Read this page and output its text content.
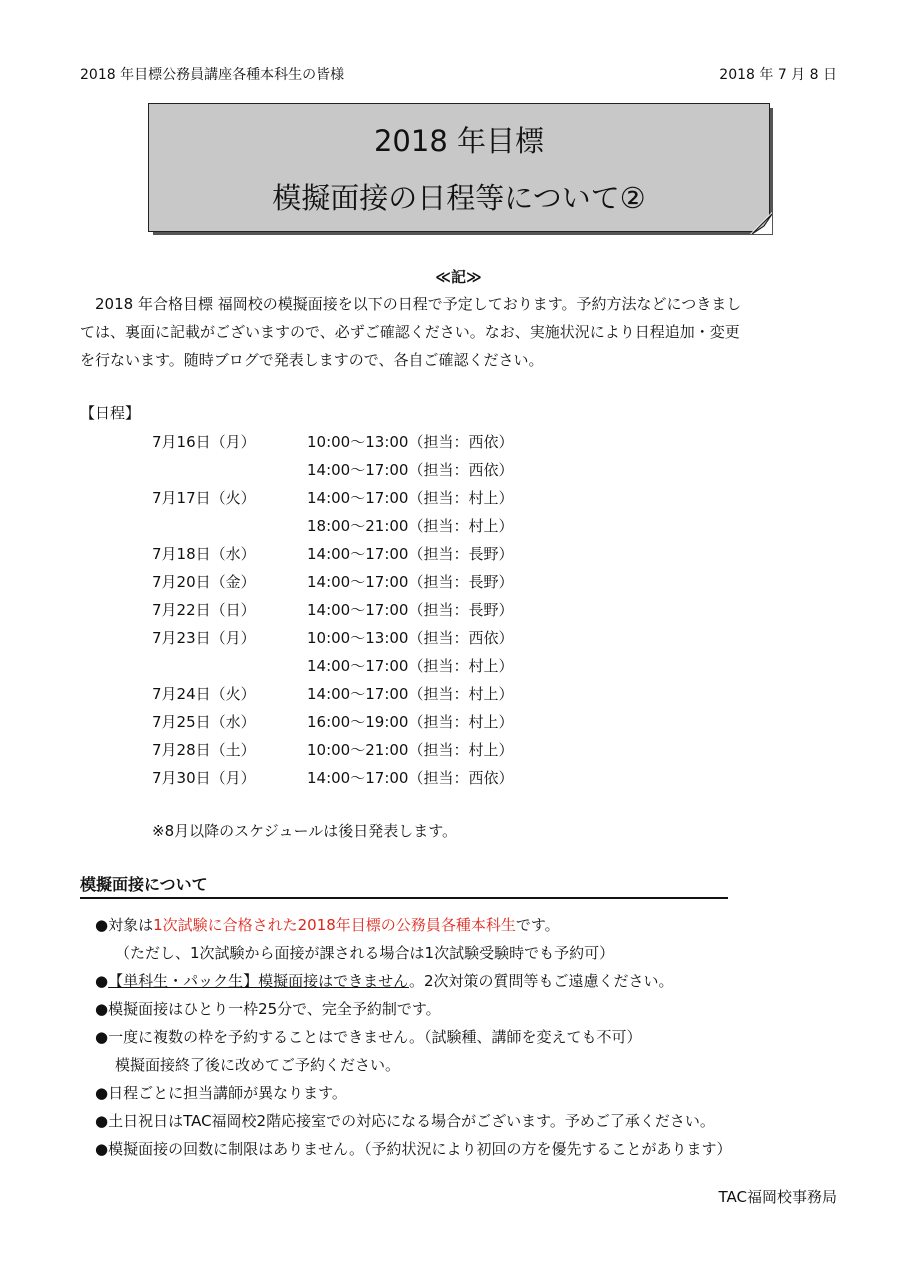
2018 年目標公務員講座各種本科生の皆様	2018 年 7 月 8 日
2018 年目標
模擬面接の日程等について②
≪記≫

　2018 年合格目標 福岡校の模擬面接を以下の日程で予定しております。予約方法などにつきまし

ては、裏面に記載がございますので、必ずご確認ください。なお、実施状況により日程追加・変更

を行ないます。随時ブログで発表しますので、各自ご確認ください。

【日程】
7月16日（月）	10:00～13:00（担当：西依）
14:00～17:00（担当：西依）
7月17日（火）	14:00～17:00（担当：村上）
18:00～21:00（担当：村上）
7月18日（水）	14:00～17:00（担当：長野）
7月20日（金）	14:00～17:00（担当：長野）
7月22日（日）	14:00～17:00（担当：長野）
7月23日（月）	10:00～13:00（担当：西依）
14:00～17:00（担当：村上）
7月24日（火）	14:00～17:00（担当：村上）
7月25日（水）	16:00～19:00（担当：村上）
7月28日（土）	10:00～21:00（担当：村上）
7月30日（月）	14:00～17:00（担当：西依）
※8月以降のスケジュールは後日発表します。
模擬面接について
●対象は1次試験に合格された2018年目標の公務員各種本科生です。
（ただし、1次試験から面接が課される場合は1次試験受験時でも予約可）
●【単科生・パック生】模擬面接はできません。2次対策の質問等もご遠慮ください。
●模擬面接はひとり一枠25分で、完全予約制です。
●一度に複数の枠を予約することはできません。（試験種、講師を変えても不可）
模擬面接終了後に改めてご予約ください。
●日程ごとに担当講師が異なります。
●土日祝日はTAC福岡校2階応接室での対応になる場合がございます。予めご了承ください。
●模擬面接の回数に制限はありません。（予約状況により初回の方を優先することがあります）
TAC福岡校事務局
